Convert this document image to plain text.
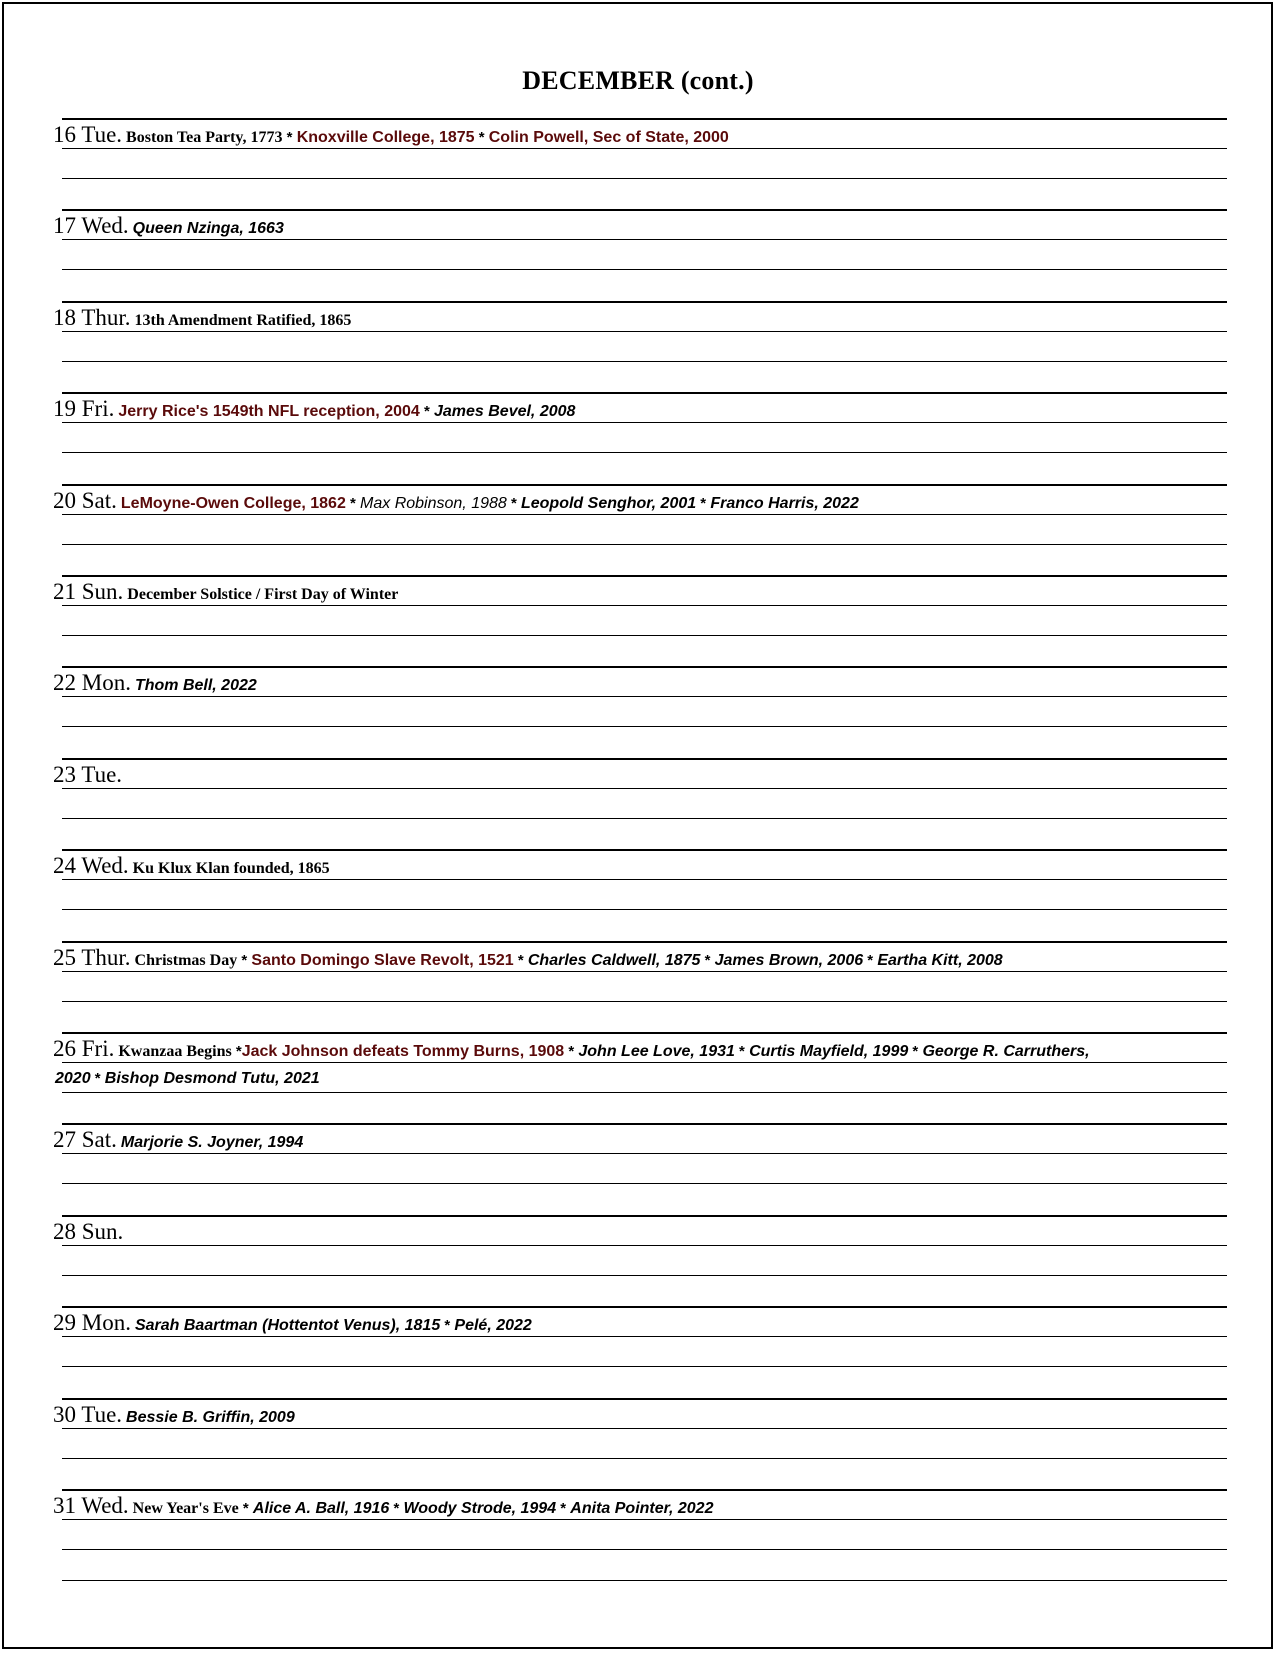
DECEMBER (cont.)
16 Tue. Boston Tea Party, 1773 * Knoxville College, 1875 * Colin Powell, Sec of State, 2000
17 Wed. Queen Nzinga, 1663
18 Thur. 13th Amendment Ratified, 1865
19 Fri. Jerry Rice's 1549th NFL reception, 2004 * James Bevel, 2008
20 Sat. LeMoyne-Owen College, 1862 * Max Robinson, 1988 * Leopold Senghor, 2001 * Franco Harris, 2022
21 Sun. December Solstice / First Day of Winter
22 Mon. Thom Bell, 2022
23 Tue.
24 Wed. Ku Klux Klan founded, 1865
25 Thur. Christmas Day * Santo Domingo Slave Revolt, 1521 * Charles Caldwell, 1875 * James Brown, 2006 * Eartha Kitt, 2008
26 Fri. Kwanzaa Begins *Jack Johnson defeats Tommy Burns, 1908 * John Lee Love, 1931 * Curtis Mayfield, 1999 * George R. Carruthers,
2020 * Bishop Desmond Tutu, 2021
27 Sat. Marjorie S. Joyner, 1994
28 Sun.
29 Mon. Sarah Baartman (Hottentot Venus), 1815 * Pelé, 2022
30 Tue. Bessie B. Griffin, 2009
31 Wed. New Year's Eve * Alice A. Ball, 1916 * Woody Strode, 1994 * Anita Pointer, 2022
